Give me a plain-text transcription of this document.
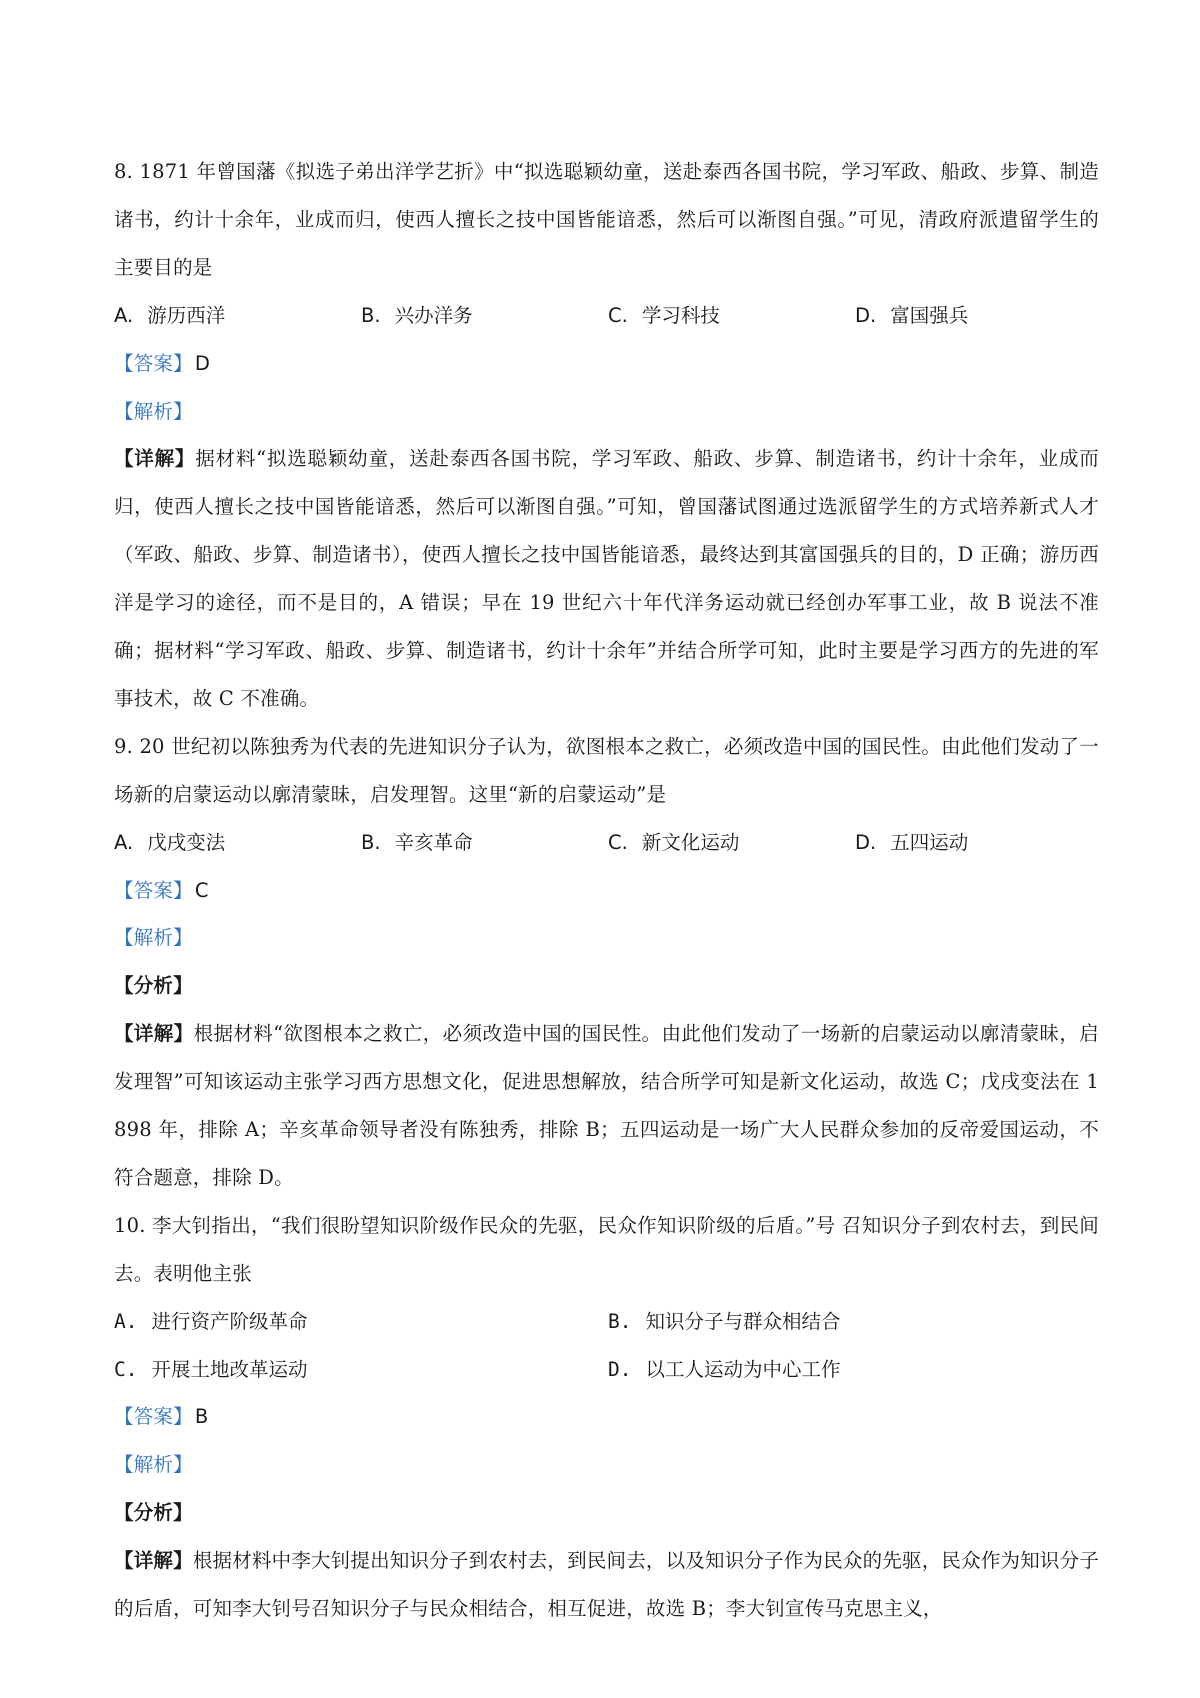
8. 1871 年曾国藩《拟选子弟出洋学艺折》中“拟选聪颖幼童，送赴泰西各国书院，学习军政、船政、步算、制造诸书，约计十余年，业成而归，使西人擅长之技中国皆能谙悉，然后可以渐图自强。”可见，清政府派遣留学生的主要目的是
A. 游历西洋	B. 兴办洋务	C. 学习科技	D. 富国强兵
【答案】 D
【解析】
【详解】据材料“拟选聪颖幼童，送赴泰西各国书院，学习军政、船政、步算、制造诸书，约计十余年，业成而归，使西人擅长之技中国皆能谙悉，然后可以渐图自强。”可知，曾国藩试图通过选派留学生的方式培养新式人才（军政、船政、步算、制造诸书），使西人擅长之技中国皆能谙悉，最终达到其富国强兵的目的，D 正确；游历西洋是学习的途径，而不是目的，A 错误；早在 19 世纪六十年代洋务运动就已经创办军事工业，故 B 说法不准确；据材料“学习军政、船政、步算、制造诸书，约计十余年”并结合所学可知，此时主要是学习西方的先进的军事技术，故 C 不准确。
9. 20 世纪初以陈独秀为代表的先进知识分子认为，欲图根本之救亡，必须改造中国的国民性。由此他们发动了一场新的启蒙运动以廓清蒙昧，启发理智。这里“新的启蒙运动”是
A. 戊戌变法	B. 辛亥革命	C. 新文化运动	D. 五四运动
【答案】 C
【解析】
【分析】
【详解】根据材料“欲图根本之救亡，必须改造中国的国民性。由此他们发动了一场新的启蒙运动以廓清蒙昧，启发理智”可知该运动主张学习西方思想文化，促进思想解放，结合所学可知是新文化运动，故选 C；戊戌变法在 1898 年，排除 A；辛亥革命领导者没有陈独秀，排除 B；五四运动是一场广大人民群众参加的反帝爱国运动，不符合题意，排除 D。
10. 李大钊指出，“我们很盼望知识阶级作民众的先驱，民众作知识阶级的后盾。”号 召知识分子到农村去，到民间去。表明他主张
A. 进行资产阶级革命	B. 知识分子与群众相结合
C. 开展土地改革运动	D. 以工人运动为中心工作
【答案】 B
【解析】
【分析】
【详解】根据材料中李大钊提出知识分子到农村去，到民间去，以及知识分子作为民众的先驱，民众作为知识分子的后盾，可知李大钊号召知识分子与民众相结合，相互促进，故选 B；李大钊宣传马克思主义，
